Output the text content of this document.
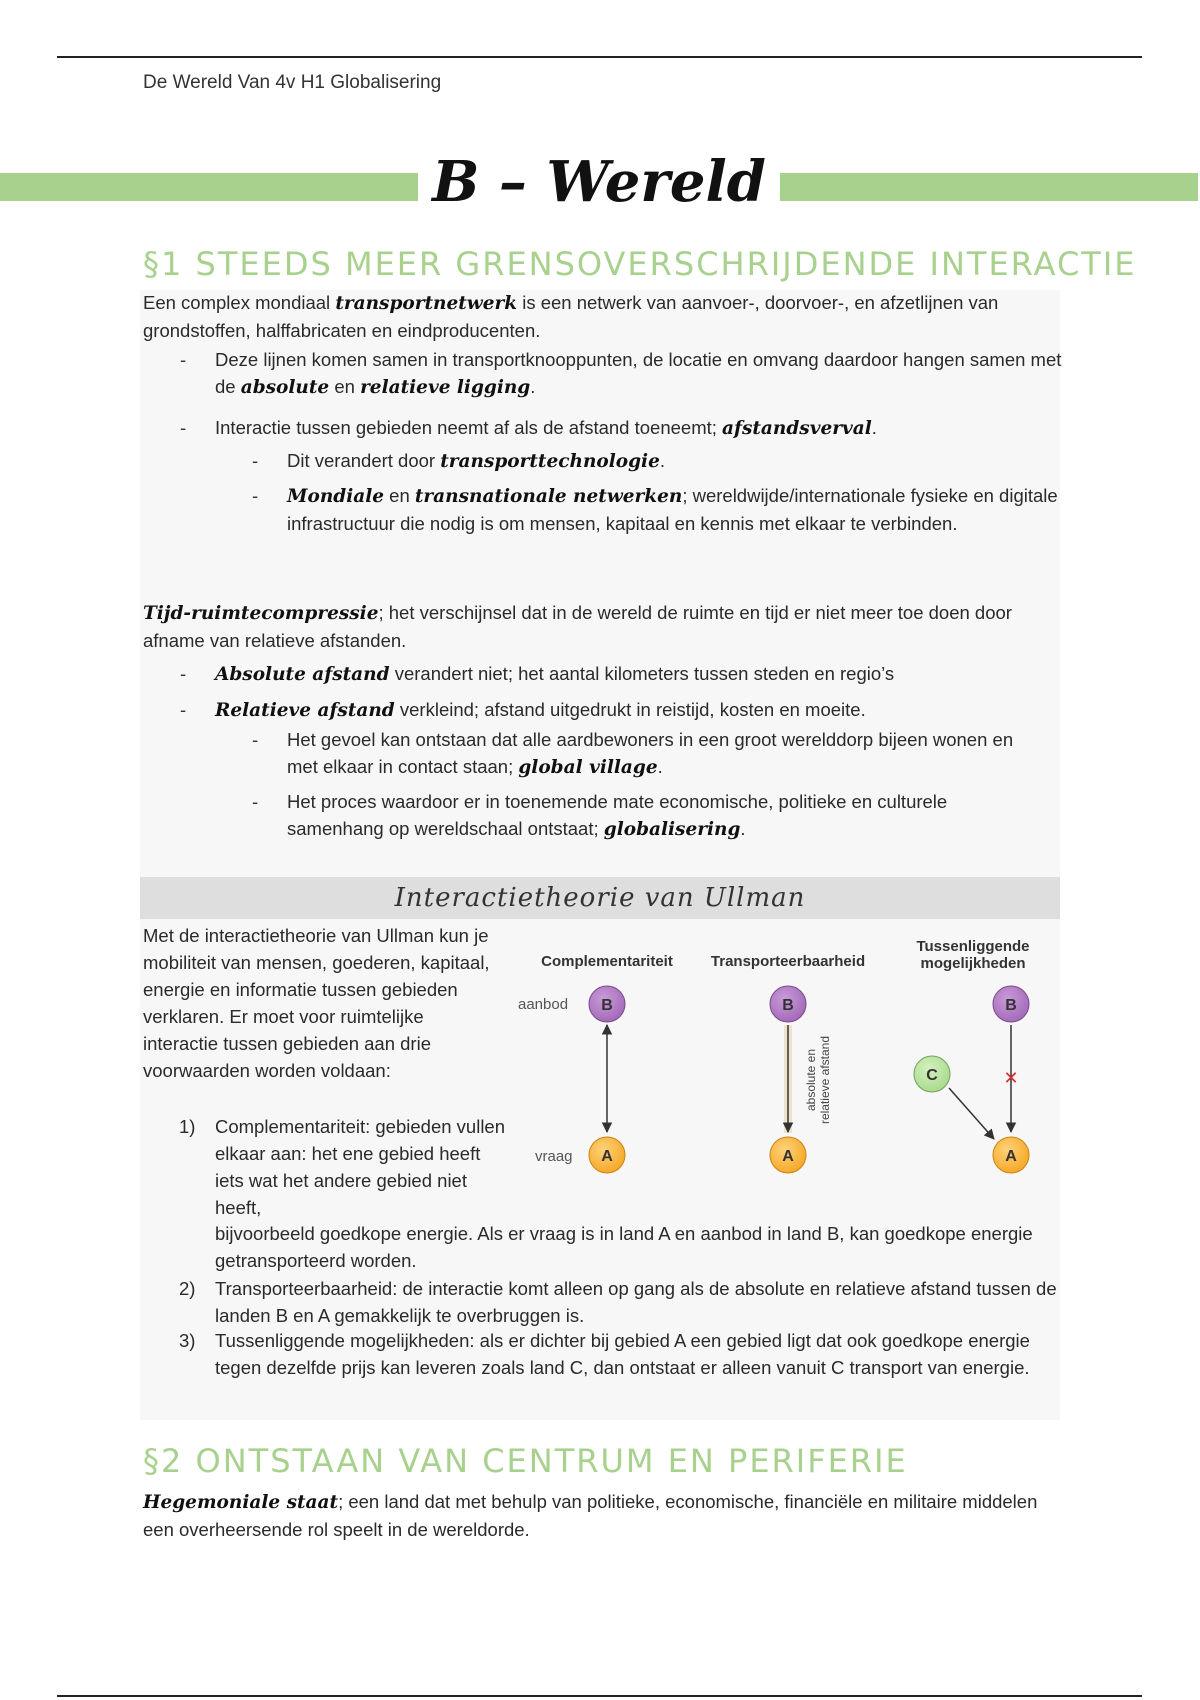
De Wereld Van 4v H1 Globalisering
B – Wereld
§1 STEEDS MEER GRENSOVERSCHRIJDENDE INTERACTIE
Een complex mondiaal transportnetwerk is een netwerk van aanvoer-, doorvoer-, en afzetlijnen van grondstoffen, halffabricaten en eindproducenten.
- Deze lijnen komen samen in transportknooppunten, de locatie en omvang daardoor hangen samen met de absolute en relatieve ligging.
- Interactie tussen gebieden neemt af als de afstand toeneemt; afstandsverval.
- Dit verandert door transporttechnologie.
- Mondiale en transnationale netwerken; wereldwijde/internationale fysieke en digitale infrastructuur die nodig is om mensen, kapitaal en kennis met elkaar te verbinden.
Tijd-ruimtecompressie; het verschijnsel dat in de wereld de ruimte en tijd er niet meer toe doen door afname van relatieve afstanden.
- Absolute afstand verandert niet; het aantal kilometers tussen steden en regio’s
- Relatieve afstand verkleind; afstand uitgedrukt in reistijd, kosten en moeite.
- Het gevoel kan ontstaan dat alle aardbewoners in een groot werelddorp bijeen wonen en met elkaar in contact staan; global village.
- Het proces waardoor er in toenemende mate economische, politieke en culturele samenhang op wereldschaal ontstaat; globalisering.
Interactietheorie van Ullman
Met de interactietheorie van Ullman kun je mobiliteit van mensen, goederen, kapitaal, energie en informatie tussen gebieden verklaren. Er moet voor ruimtelijke interactie tussen gebieden aan drie voorwaarden worden voldaan:
1)	Complementariteit: gebieden vullen elkaar aan: het ene gebied heeft iets wat het andere gebied niet heeft,
bijvoorbeeld goedkope energie. Als er vraag is in land A en aanbod in land B, kan goedkope energie getransporteerd worden.
2)	Transporteerbaarheid: de interactie komt alleen op gang als de absolute en relatieve afstand tussen de landen B en A gemakkelijk te overbruggen is.
3)	Tussenliggende mogelijkheden: als er dichter bij gebied A een gebied ligt dat ook goedkope energie tegen dezelfde prijs kan leveren zoals land C, dan ontstaat er alleen vanuit C transport van energie.
Complementariteit	Transporteerbaarheid
Tussenliggende
mogelijkheden
aanbod
vraag
B
A
absolute en relatieve afstand
B
A
✕
B
C
A
§2 ONTSTAAN VAN CENTRUM EN PERIFERIE
Hegemoniale staat; een land dat met behulp van politieke, economische, financiële en militaire middelen een overheersende rol speelt in de wereldorde.
